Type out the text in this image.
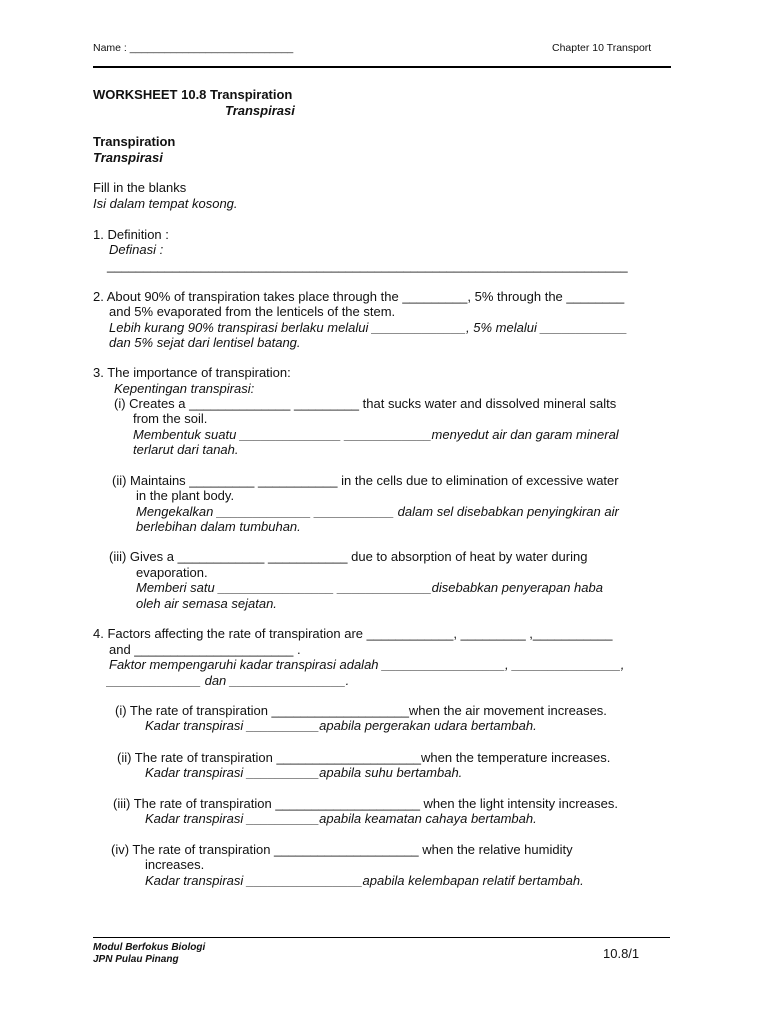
Name : ____________________________	Chapter 10 Transport
WORKSHEET 10.8 Transpiration
Transpirasi
Transpiration
Transpirasi
Fill in the blanks
Isi dalam tempat kosong.
1. Definition :
Definasi :
________________________________________________________________________
2. About 90% of transpiration takes place through the _________, 5% through the ________
and 5% evaporated from the lenticels of the stem.
Lebih kurang 90% transpirasi berlaku melalui _____________, 5% melalui ____________
dan 5% sejat dari lentisel batang.
3. The importance of transpiration:
Kepentingan transpirasi:
(i) Creates a ______________ _________ that sucks water and dissolved mineral salts
from the soil.
Membentuk suatu ______________ ____________menyedut air dan garam mineral
terlarut dari tanah.
(ii) Maintains _________ ___________ in the cells due to elimination of excessive water
in the plant body.
Mengekalkan _____________ ___________ dalam sel disebabkan penyingkiran air
berlebihan dalam tumbuhan.
(iii) Gives a ____________ ___________ due to absorption of heat by water during
evaporation.
Memberi satu ________________ _____________disebabkan penyerapan haba
oleh air semasa sejatan.
4. Factors affecting the rate of transpiration are ____________, _________ ,___________
and ______________________ .
Faktor mempengaruhi kadar transpirasi adalah _________________, _______________,
_____________ dan ________________.
(i) The rate of transpiration ___________________when the air movement increases.
Kadar transpirasi __________apabila pergerakan udara bertambah.
(ii) The rate of transpiration ____________________when the temperature increases.
Kadar transpirasi __________apabila suhu bertambah.
(iii) The rate of transpiration ____________________ when the light intensity increases.
Kadar transpirasi __________apabila keamatan cahaya bertambah.
(iv) The rate of transpiration ____________________ when the relative humidity
increases.
Kadar transpirasi ________________apabila kelembapan relatif bertambah.
Modul Berfokus Biologi
JPN Pulau Pinang	10.8/1
